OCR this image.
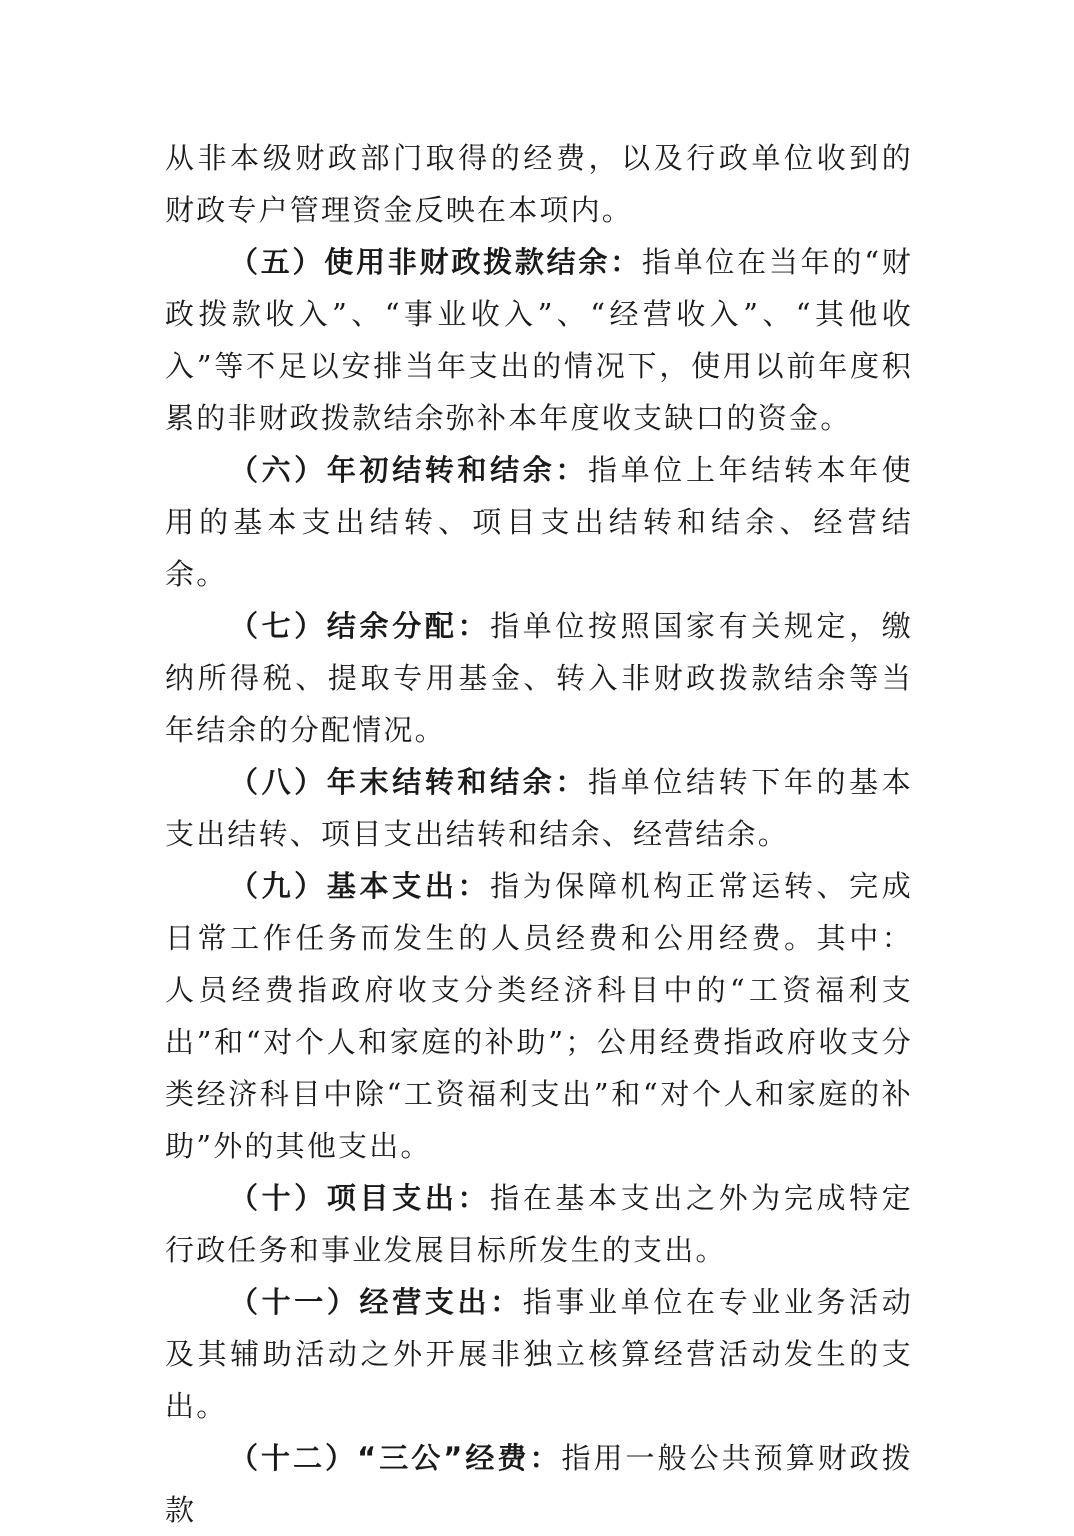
从非本级财政部门取得的经费，以及行政单位收到的财政专户管理资金反映在本项内。

（五）使用非财政拨款结余：指单位在当年的“财政拨款收入”、“事业收入”、“经营收入”、“其他收入”等不足以安排当年支出的情况下，使用以前年度积累的非财政拨款结余弥补本年度收支缺口的资金。

（六）年初结转和结余：指单位上年结转本年使用的基本支出结转、项目支出结转和结余、经营结余。

（七）结余分配：指单位按照国家有关规定，缴纳所得税、提取专用基金、转入非财政拨款结余等当年结余的分配情况。

（八）年末结转和结余：指单位结转下年的基本支出结转、项目支出结转和结余、经营结余。

（九）基本支出：指为保障机构正常运转、完成日常工作任务而发生的人员经费和公用经费。其中：人员经费指政府收支分类经济科目中的“工资福利支出”和“对个人和家庭的补助”；公用经费指政府收支分类经济科目中除“工资福利支出”和“对个人和家庭的补助”外的其他支出。

（十）项目支出：指在基本支出之外为完成特定行政任务和事业发展目标所发生的支出。

（十一）经营支出：指事业单位在专业业务活动及其辅助活动之外开展非独立核算经营活动发生的支出。

（十二）“三公”经费：指用一般公共预算财政拨款
